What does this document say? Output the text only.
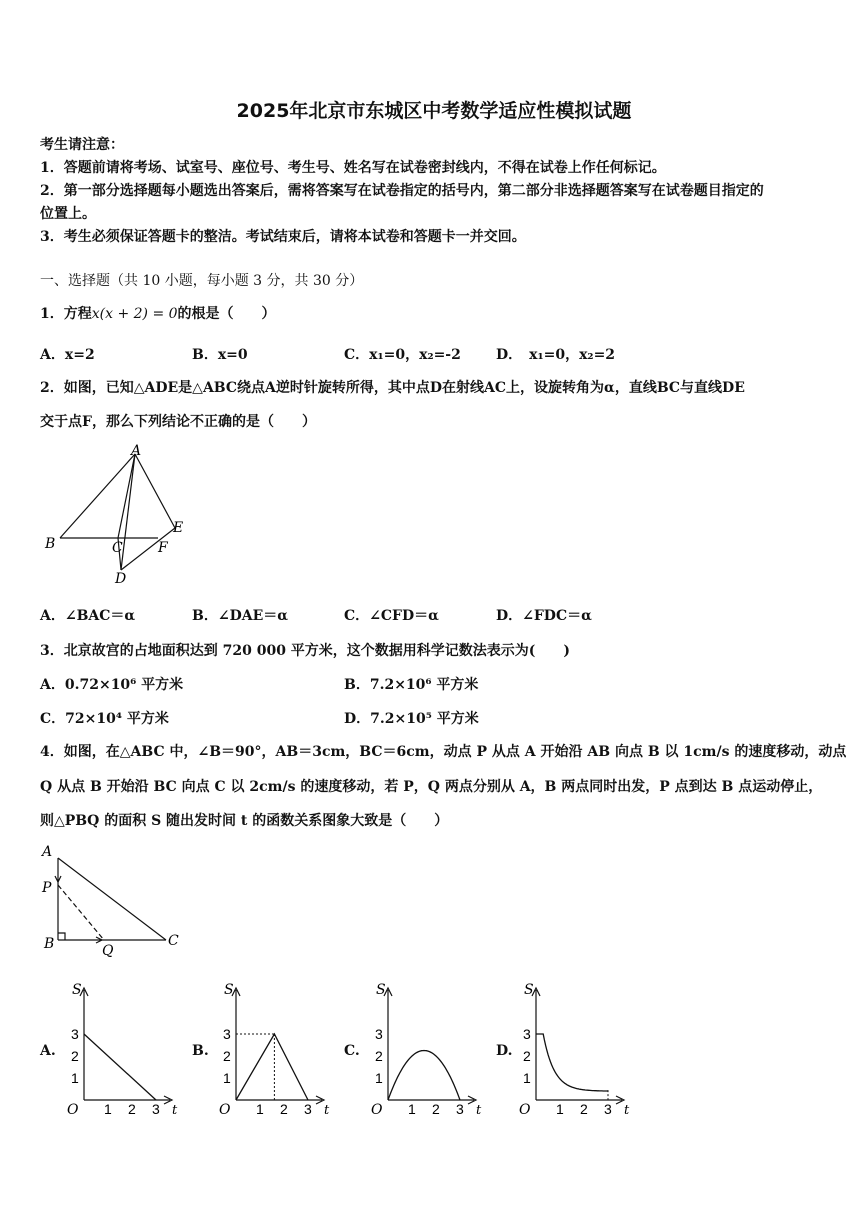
2025年北京市东城区中考数学适应性模拟试题
考生请注意：
1．答题前请将考场、试室号、座位号、考生号、姓名写在试卷密封线内，不得在试卷上作任何标记。
2．第一部分选择题每小题选出答案后，需将答案写在试卷指定的括号内，第二部分非选择题答案写在试卷题目指定的
位置上。
3．考生必须保证答题卡的整洁。考试结束后，请将本试卷和答题卡一并交回。
一、选择题（共 10 小题，每小题 3 分，共 30 分）
1．方程x(x + 2) = 0的根是（　　）
A．x=2	B．x=0	C．x₁=0，x₂=-2	D．　x₁=0，x₂=2
2．如图，已知△ADE是△ABC绕点A逆时针旋转所得，其中点D在射线AC上，设旋转角为α，直线BC与直线DE
交于点F，那么下列结论不正确的是（　　）
A
B	C	F
E
D
A．∠BAC＝α	B．∠DAE＝α	C．∠CFD＝α	D．∠FDC＝α
3．北京故宫的占地面积达到 720 000 平方米，这个数据用科学记数法表示为(　　)
A．0.72×10⁶ 平方米	B．7.2×10⁶ 平方米
C．72×10⁴ 平方米	D．7.2×10⁵ 平方米
4．如图，在△ABC 中，∠B＝90°，AB＝3cm，BC＝6cm，动点 P 从点 A 开始沿 AB 向点 B 以 1cm/s 的速度移动，动点
Q 从点 B 开始沿 BC 向点 C 以 2cm/s 的速度移动，若 P，Q 两点分别从 A，B 两点同时出发，P 点到达 B 点运动停止，
则△PBQ 的面积 S 随出发时间 t 的函数关系图象大致是（　　）
A
P
B	Q
C
A.	B.	C.	D.
S
t
O
1
2
3
1 2 3
S
t
O
1
2
3
1 2 3
S
t
O
1
2
3
1 2 3
S
t
O
1
2
3
1 2 3
